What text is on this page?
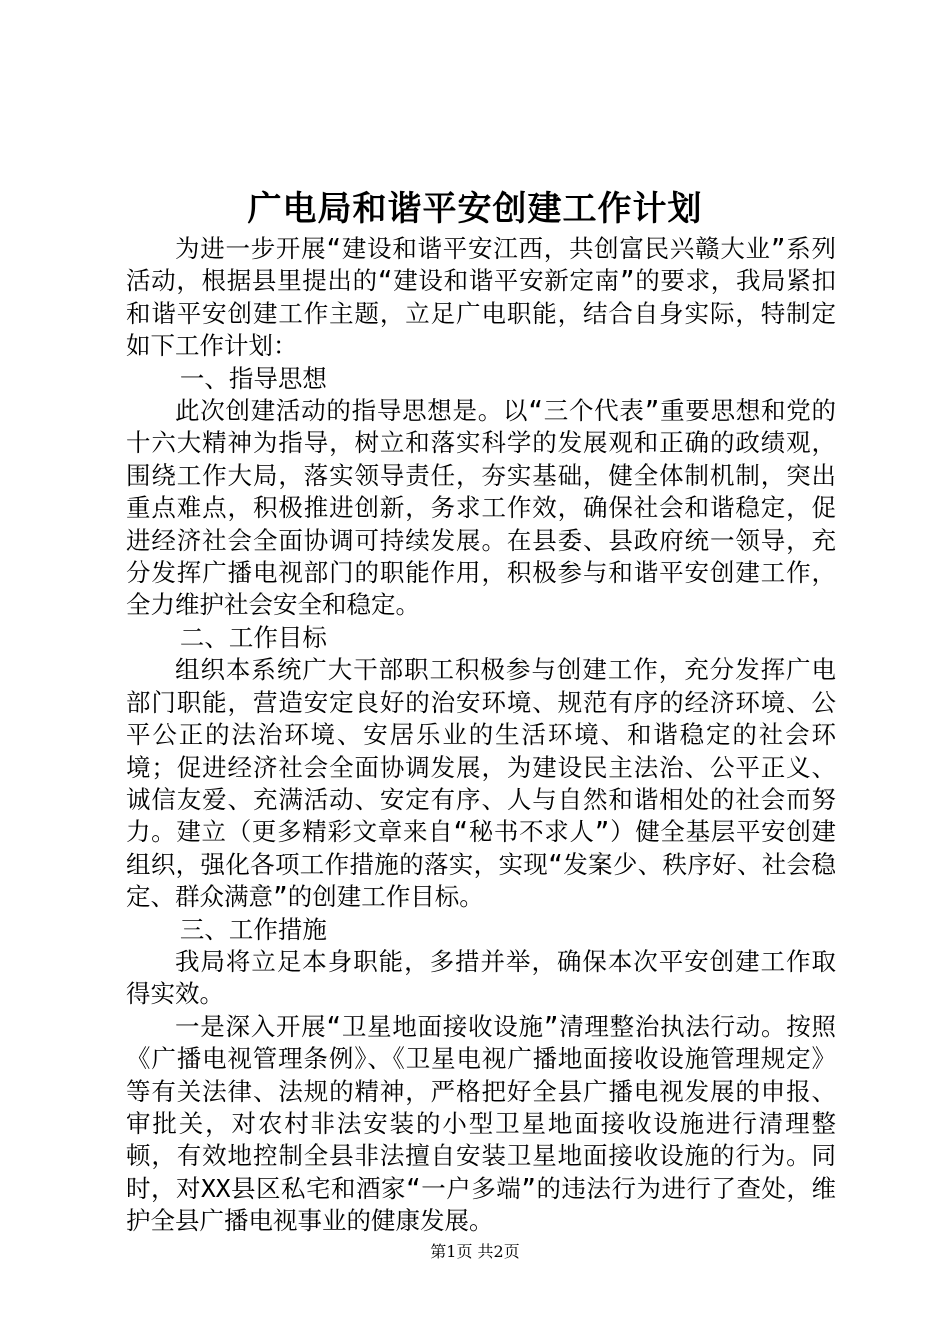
广电局和谐平安创建工作计划

为进一步开展“建设和谐平安江西，共创富民兴赣大业”系列活动，根据县里提出的“建设和谐平安新定南”的要求，我局紧扣和谐平安创建工作主题，立足广电职能，结合自身实际，特制定如下工作计划：

一、指导思想

此次创建活动的指导思想是。以“三个代表”重要思想和党的十六大精神为指导，树立和落实科学的发展观和正确的政绩观，围绕工作大局，落实领导责任，夯实基础，健全体制机制，突出重点难点，积极推进创新，务求工作效，确保社会和谐稳定，促进经济社会全面协调可持续发展。在县委、县政府统一领导，充分发挥广播电视部门的职能作用，积极参与和谐平安创建工作，全力维护社会安全和稳定。

二、工作目标

组织本系统广大干部职工积极参与创建工作，充分发挥广电部门职能，营造安定良好的治安环境、规范有序的经济环境、公平公正的法治环境、安居乐业的生活环境、和谐稳定的社会环境；促进经济社会全面协调发展，为建设民主法治、公平正义、诚信友爱、充满活动、安定有序、人与自然和谐相处的社会而努力。建立（更多精彩文章来自“秘书不求人”）健全基层平安创建组织，强化各项工作措施的落实，实现“发案少、秩序好、社会稳定、群众满意”的创建工作目标。

三、工作措施

我局将立足本身职能，多措并举，确保本次平安创建工作取得实效。

一是深入开展“卫星地面接收设施”清理整治执法行动。按照《广播电视管理条例》、《卫星电视广播地面接收设施管理规定》等有关法律、法规的精神，严格把好全县广播电视发展的申报、审批关，对农村非法安装的小型卫星地面接收设施进行清理整顿，有效地控制全县非法擅自安装卫星地面接收设施的行为。同时，对XX县区私宅和酒家“一户多端”的违法行为进行了查处，维护全县广播电视事业的健康发展。

第1页 共2页
